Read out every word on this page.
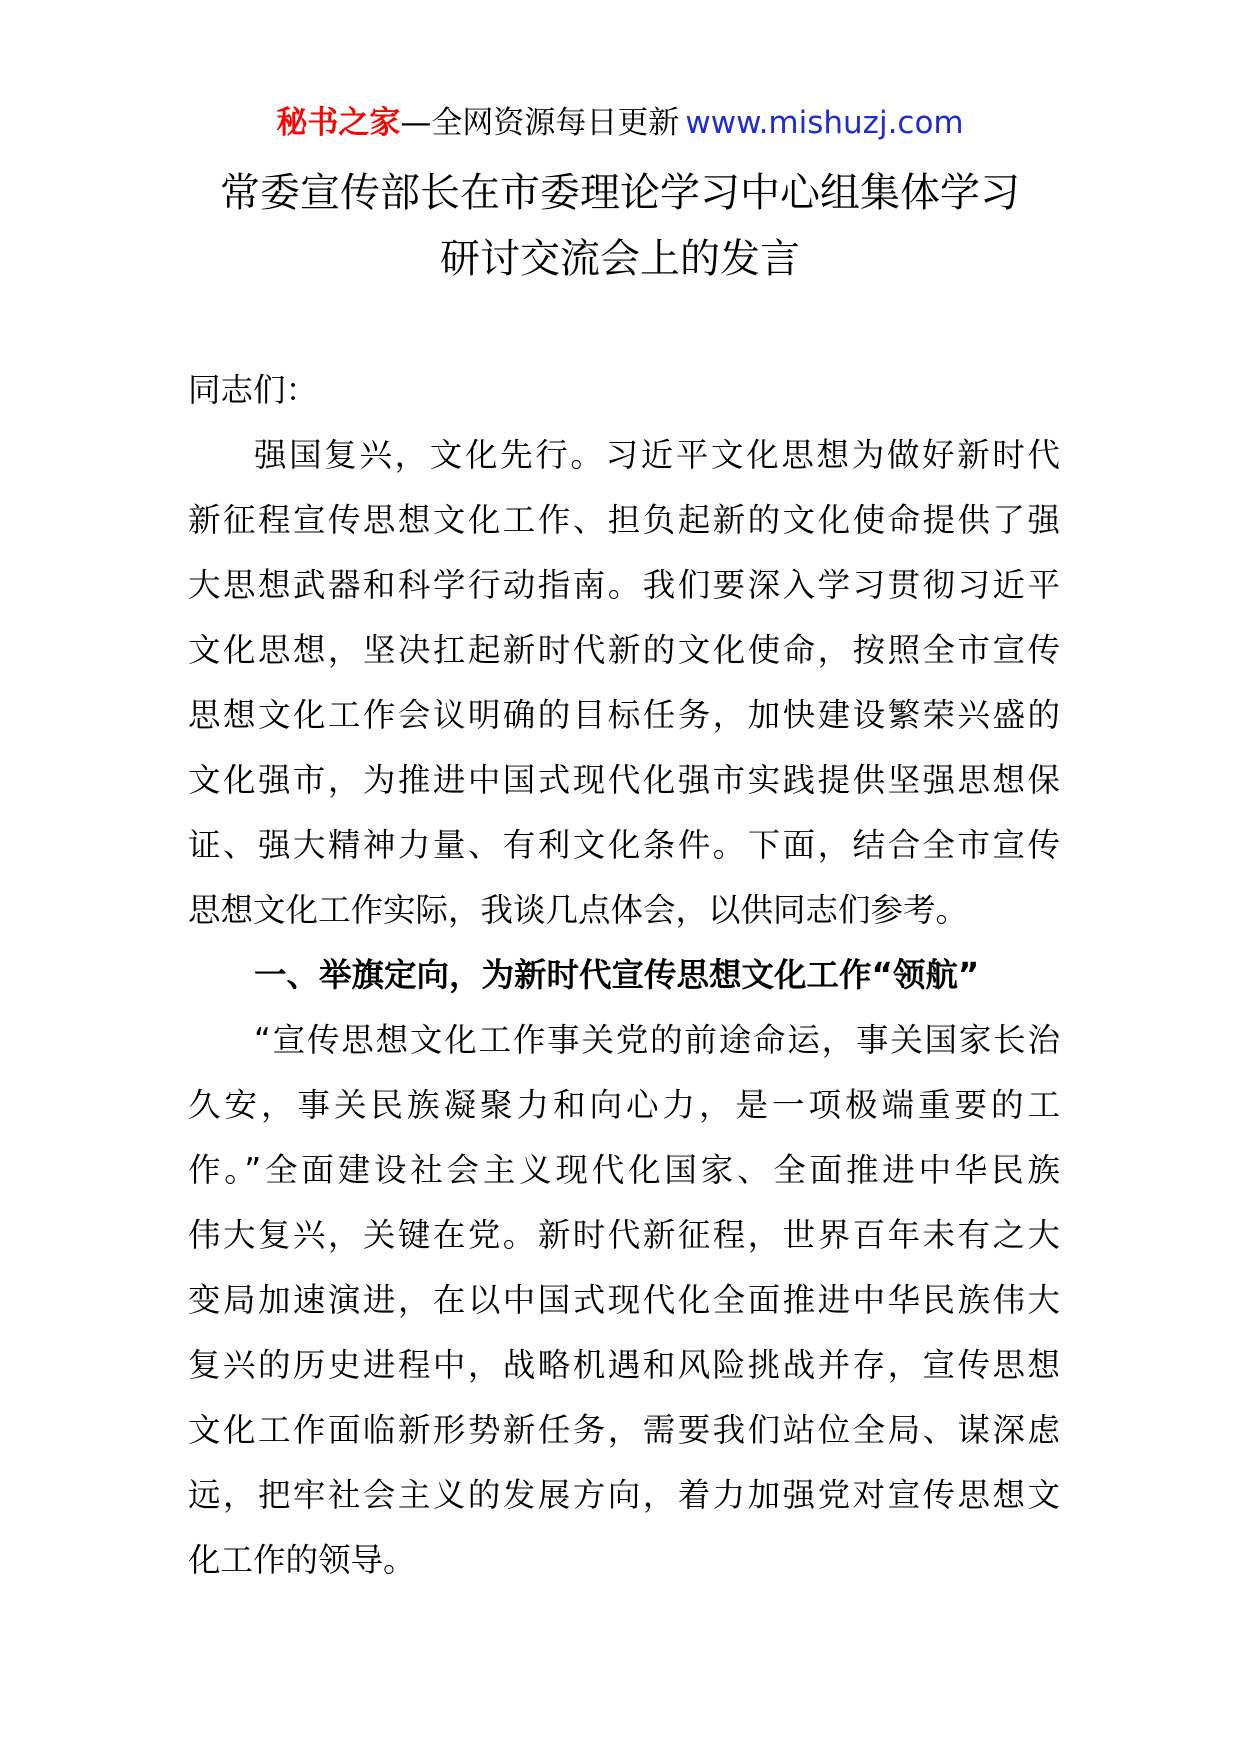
秘书之家—全网资源每日更新 www.mishuzj.com
常委宣传部长在市委理论学习中心组集体学习
研讨交流会上的发言
同志们：
强国复兴，文化先行。习近平文化思想为做好新时代
新征程宣传思想文化工作、担负起新的文化使命提供了强
大思想武器和科学行动指南。我们要深入学习贯彻习近平
文化思想，坚决扛起新时代新的文化使命，按照全市宣传
思想文化工作会议明确的目标任务，加快建设繁荣兴盛的
文化强市，为推进中国式现代化强市实践提供坚强思想保
证、强大精神力量、有利文化条件。下面，结合全市宣传
思想文化工作实际，我谈几点体会，以供同志们参考。
一、举旗定向，为新时代宣传思想文化工作“领航”
“宣传思想文化工作事关党的前途命运，事关国家长治
久安，事关民族凝聚力和向心力，是一项极端重要的工
作。”全面建设社会主义现代化国家、全面推进中华民族
伟大复兴，关键在党。新时代新征程，世界百年未有之大
变局加速演进，在以中国式现代化全面推进中华民族伟大
复兴的历史进程中，战略机遇和风险挑战并存，宣传思想
文化工作面临新形势新任务，需要我们站位全局、谋深虑
远，把牢社会主义的发展方向，着力加强党对宣传思想文
化工作的领导。
